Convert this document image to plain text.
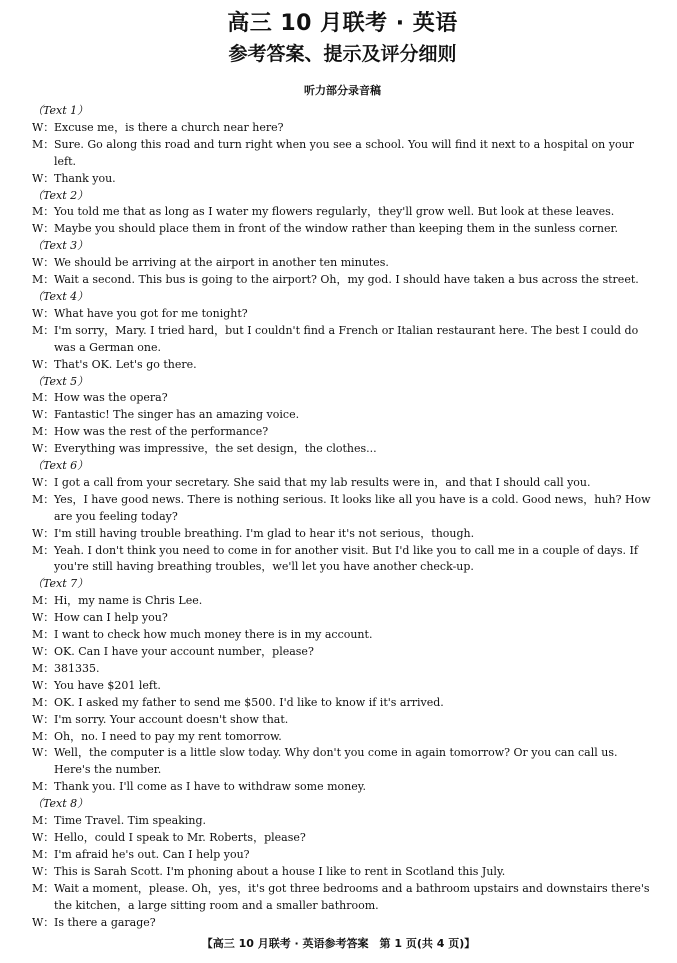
高三 10 月联考 · 英语
参考答案、提示及评分细则
听力部分录音稿
（Text 1）
W：Excuse me，is there a church near here?
M：Sure. Go along this road and turn right when you see a school. You will find it next to a hospital on your left.
W：Thank you.
（Text 2）
M：You told me that as long as I water my flowers regularly，they'll grow well. But look at these leaves.
W：Maybe you should place them in front of the window rather than keeping them in the sunless corner.
（Text 3）
W：We should be arriving at the airport in another ten minutes.
M：Wait a second. This bus is going to the airport? Oh，my god. I should have taken a bus across the street.
（Text 4）
W：What have you got for me tonight?
M：I'm sorry，Mary. I tried hard，but I couldn't find a French or Italian restaurant here. The best I could do was a German one.
W：That's OK. Let's go there.
（Text 5）
M：How was the opera?
W：Fantastic! The singer has an amazing voice.
M：How was the rest of the performance?
W：Everything was impressive，the set design，the clothes...
（Text 6）
W：I got a call from your secretary. She said that my lab results were in，and that I should call you.
M：Yes，I have good news. There is nothing serious. It looks like all you have is a cold. Good news，huh? How are you feeling today?
W：I'm still having trouble breathing. I'm glad to hear it's not serious，though.
M：Yeah. I don't think you need to come in for another visit. But I'd like you to call me in a couple of days. If you're still having breathing troubles，we'll let you have another check-up.
（Text 7）
M：Hi，my name is Chris Lee.
W：How can I help you?
M：I want to check how much money there is in my account.
W：OK. Can I have your account number，please?
M：381335.
W：You have $201 left.
M：OK. I asked my father to send me $500. I'd like to know if it's arrived.
W：I'm sorry. Your account doesn't show that.
M：Oh，no. I need to pay my rent tomorrow.
W：Well，the computer is a little slow today. Why don't you come in again tomorrow? Or you can call us. Here's the number.
M：Thank you. I'll come as I have to withdraw some money.
（Text 8）
M：Time Travel. Tim speaking.
W：Hello，could I speak to Mr. Roberts，please?
M：I'm afraid he's out. Can I help you?
W：This is Sarah Scott. I'm phoning about a house I like to rent in Scotland this July.
M：Wait a moment，please. Oh，yes，it's got three bedrooms and a bathroom upstairs and downstairs there's the kitchen，a large sitting room and a smaller bathroom.
W：Is there a garage?
【高三 10 月联考 · 英语参考答案　第 1 页(共 4 页)】
